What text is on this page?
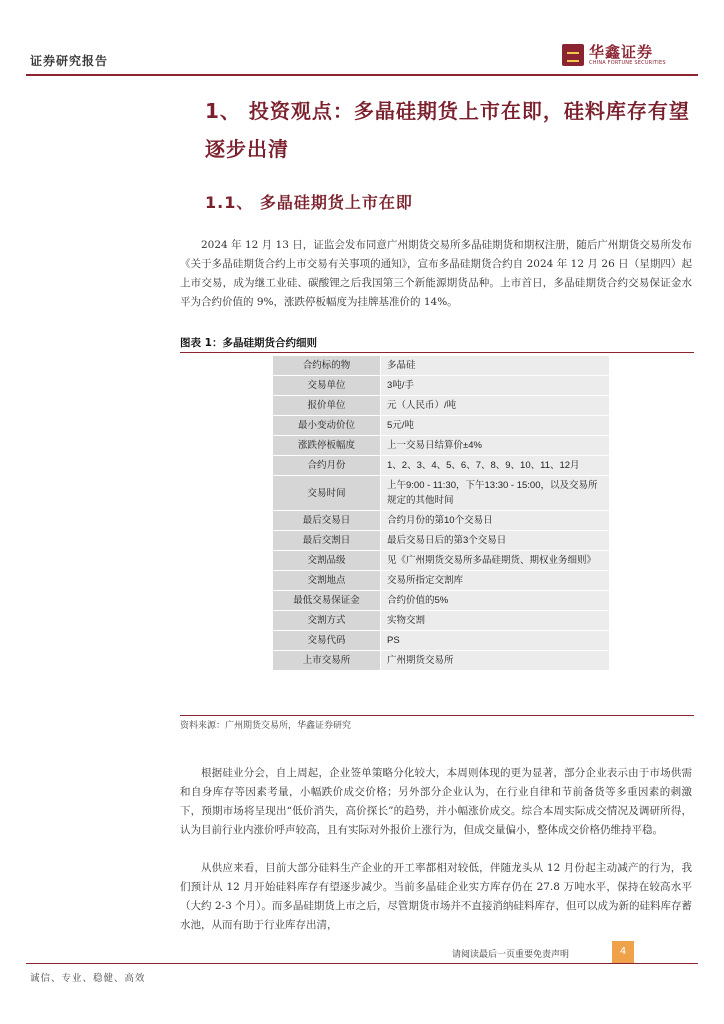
证券研究报告	华鑫证券
CHINA FORTUNE SECURITIES
1、 投资观点：多晶硅期货上市在即，硅料库存有望逐步出清
1.1、 多晶硅期货上市在即

2024 年 12 月 13 日，证监会发布同意广州期货交易所多晶硅期货和期权注册，随后广州期货交易所发布《关于多晶硅期货合约上市交易有关事项的通知》，宣布多晶硅期货合约自 2024 年 12 月 26 日（星期四）起上市交易，成为继工业硅、碳酸锂之后我国第三个新能源期货品种。上市首日，多晶硅期货合约交易保证金水平为合约价值的 9%，涨跌停板幅度为挂牌基准价的 14%。

图表 1：多晶硅期货合约细则
合约标的物	多晶硅
交易单位	3吨/手
报价单位	元（人民币）/吨
最小变动价位	5元/吨
涨跌停板幅度	上一交易日结算价±4%
合约月份	1、2、3、4、5、6、7、8、9、10、11、12月
交易时间	上午9:00 - 11:30，下午13:30 - 15:00，以及交易所规定的其他时间
最后交易日	合约月份的第10个交易日
最后交割日	最后交易日后的第3个交易日
交割品级	见《广州期货交易所多晶硅期货、期权业务细则》
交割地点	交易所指定交割库
最低交易保证金	合约价值的5%
交割方式	实物交割
交易代码	PS
上市交易所	广州期货交易所
资料来源：广州期货交易所，华鑫证券研究

根据硅业分会，自上周起，企业签单策略分化较大，本周则体现的更为显著，部分企业表示由于市场供需和自身库存等因素考量，小幅跌价成交价格；另外部分企业认为，在行业自律和节前备货等多重因素的刺激下，预期市场将呈现出“低价消失，高价探长”的趋势，并小幅涨价成交。综合本周实际成交情况及调研所得，认为目前行业内涨价呼声较高，且有实际对外报价上涨行为，但成交量偏小，整体成交价格仍维持平稳。

从供应来看，目前大部分硅料生产企业的开工率都相对较低，伴随龙头从 12 月份起主动减产的行为，我们预计从 12 月开始硅料库存有望逐步减少。当前多晶硅企业实方库存仍在 27.8 万吨水平，保持在较高水平（大约 2-3 个月）。而多晶硅期货上市之后，尽管期货市场并不直接消纳硅料库存，但可以成为新的硅料库存蓄水池，从而有助于行业库存出清，

请阅读最后一页重要免责声明	4
诚信、专业、稳健、高效
